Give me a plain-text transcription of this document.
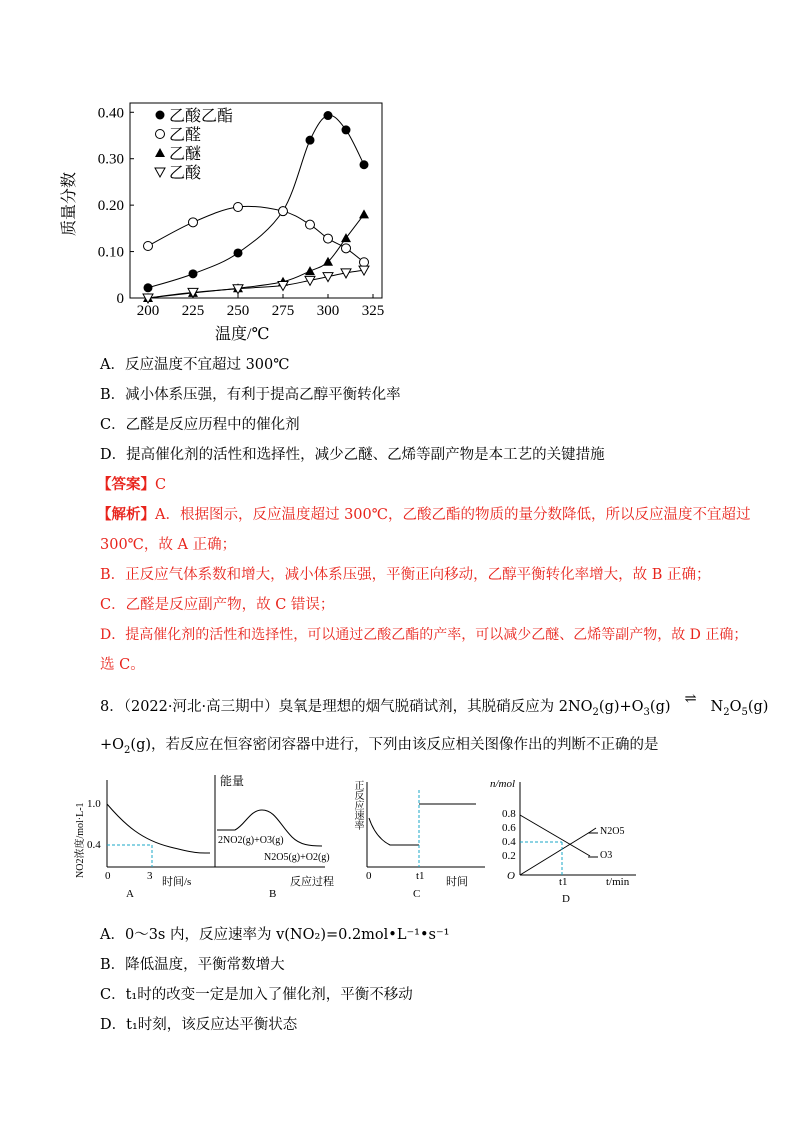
200 225 250 275 300 325
0
0.10
0.20
0.30
0.40	乙酸乙酯
乙醛
乙醚
乙酸
质量分数
温度/℃
A．反应温度不宜超过 300℃
B．减小体系压强，有利于提高乙醇平衡转化率
C．乙醛是反应历程中的催化剂
D．提高催化剂的活性和选择性，减少乙醚、乙烯等副产物是本工艺的关键措施
【答案】C
【解析】A．根据图示，反应温度超过 300℃，乙酸乙酯的物质的量分数降低，所以反应温度不宜超过
300℃，故 A 正确；
B．正反应气体系数和增大，减小体系压强，平衡正向移动，乙醇平衡转化率增大，故 B 正确；
C．乙醛是反应副产物，故 C 错误；
D．提高催化剂的活性和选择性，可以通过乙酸乙酯的产率，可以减少乙醚、乙烯等副产物，故 D 正确；
选 C。
8．（2022·河北·高三期中）臭氧是理想的烟气脱硝试剂，其脱硝反应为 $2NO_2(g)+O_3(g)$ ⇌ $N_2O_5(g)$
$+O_2(g)$，若反应在恒容密闭容器中进行，下列由该反应相关图像作出的判断不正确的是
NO2浓度/mol·L-1 1.0
0.4
0	3 时间/s
A
能量
2NO2(g)+O3(g)
N2O5(g)+O2(g)
反应过程
B
正反应速率
0	t1 时间
C
n/mol
0.8
0.6
0.4
0.2
O	t1	t/min
N2O5
O3
D
A．0～3s 内，反应速率为 v(NO₂)=0.2mol•L⁻¹•s⁻¹
B．降低温度，平衡常数增大
C．t₁时的改变一定是加入了催化剂，平衡不移动
D．t₁时刻，该反应达平衡状态
